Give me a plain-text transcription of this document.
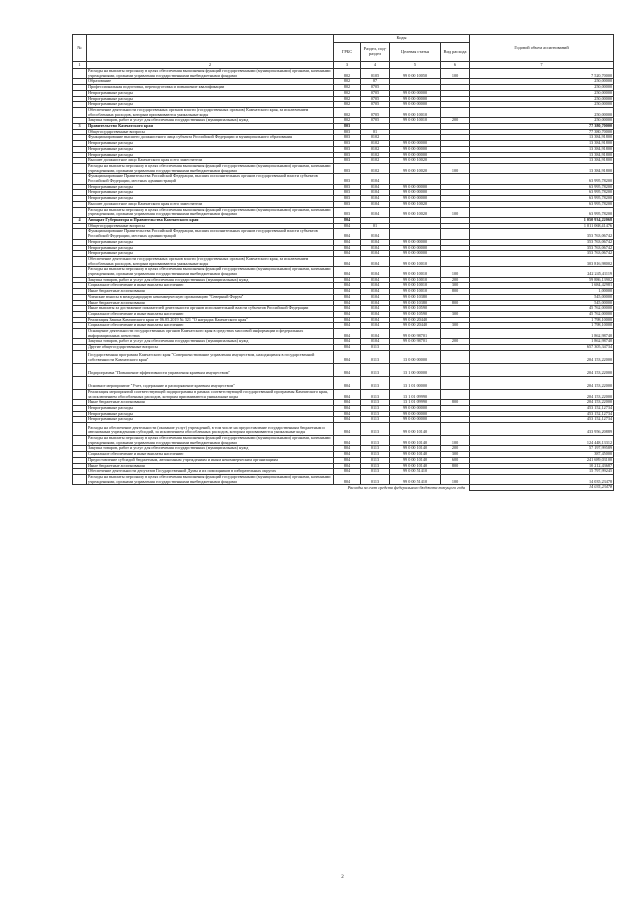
№		Коды				Годовой объем ассигнований
		ГРБС	Раздел, под- раздел	Целевая статья	Вид расхода	
1	2	3	4	5	6	7
	Расходы на выплаты персоналу в целях обеспечения выполнения функций государственными (муниципальными) органами, казенными учреждениями, органами управления государственными внебюджетными фондами	802	0105	99 0 00 10050	100	7 520,70000
	Образование	802	07			250,00000
	Профессиональная подготовка, переподготовка и повышение квалификации	802	0705			250,00000
	Непрограммные расходы	802	0705	99 0 00 00000		250,00000
	Непрограммные расходы	802	0705	99 0 00 00000		250,00000
	Непрограммные расходы	802	0705	99 0 00 00000		250,00000
	Обеспечение деятельности государственных органов власти (государственных органов) Камчатского края, за исключением обособленных расходов, которым присваиваются уникальные коды	802	0705	99 0 00 10010		250,00000
	Закупка товаров, работ и услуг для обеспечения государственных (муниципальных) нужд	802	0705	99 0 00 10010	200	250,00000
3	Правительство Камчатского края	803				77 380,70000
	Общегосударственные вопросы	803	01			77 380,70000
	Функционирование высшего должностного лица субъекта Российской Федерации и муниципального образования	803	0102			13 384,91800
	Непрограммные расходы	803	0102	99 0 00 00000		13 384,91800
	Непрограммные расходы	803	0102	99 0 00 00000		13 384,91800
	Непрограммные расходы	803	0102	99 0 00 00000		13 384,91800
	Высшее должностное лицо Камчатского края и его заместители	803	0102	99 0 00 10020		13 384,91800
	Расходы на выплаты персоналу в целях обеспечения выполнения функций государственными (муниципальными) органами, казенными учреждениями, органами управления государственными внебюджетными фондами	803	0102	99 0 00 10020	100	13 384,91800
	Функционирование Правительства Российской Федерации, высших исполнительных органов государственной власти субъектов Российской Федерации, местных администраций	803	0104			63 995,78200
	Непрограммные расходы	803	0104	99 0 00 00000		63 995,78200
	Непрограммные расходы	803	0104	99 0 00 00000		63 995,78200
	Непрограммные расходы	803	0104	99 0 00 00000		63 995,78200
	Высшее должностное лицо Камчатского края и его заместители	803	0104	99 0 00 10020		63 995,78200
	Расходы на выплаты персоналу в целях обеспечения выполнения функций государственными (муниципальными) органами, казенными учреждениями, органами управления государственными внебюджетными фондами	803	0104	99 0 00 10020	100	63 995,78200
4	Аппарат Губернатора и Правительства Камчатского края	804				1 050 934,22068
	Общегосударственные вопросы	804	01			1 011 068,41476
	Функционирование Правительства Российской Федерации, высших исполнительных органов государственной власти субъектов Российской Федерации, местных администраций	804	0104			353 763,06742
	Непрограммные расходы	804	0104	99 0 00 00000		353 763,06742
	Непрограммные расходы	804	0104	99 0 00 00000		353 763,06742
	Непрограммные расходы	804	0104	99 0 00 00000		353 763,06742
	Обеспечение деятельности государственных органов власти (государственных органов) Камчатского края, за исключением обособленных расходов, которым присваиваются уникальные коды	804	0104	99 0 00 10010		303 816,98002
	Расходы на выплаты персоналу в целях обеспечения выполнения функций государственными (муниципальными) органами, казенными учреждениями, органами управления государственными внебюджетными фондами	804	0104	99 0 00 10010	100	242 245,41119
	Закупка товаров, работ и услуг для обеспечения государственных (муниципальных) нужд	804	0104	99 0 00 10010	200	59 886,13902
	Социальное обеспечение и иные выплаты населению	804	0104	99 0 00 10010	300	1 684,42981
	Иные бюджетные ассигнования	804	0104	99 0 00 10010	800	1,00000
	Членские взносы в международную некоммерческую организацию "Северный Форум"	804	0104	99 0 00 10380		545,00000
	Иные бюджетные ассигнования	804	0104	99 0 00 10380	800	545,00000
	Иные выплаты за достижение показателей деятельности органов исполнительной власти субъектов Российской Федерации	804	0104	99 0 00 10590		45 762,00000
	Социальное обеспечение и иные выплаты населению	804	0104	99 0 00 10590	300	45 762,00000
	Реализация Закона Камчатского края от 06.05.2019 № 321 "О наградах Камчатского края"	804	0104	99 0 00 20440		1 798,10000
	Социальное обеспечение и иные выплаты населению	804	0104	99 0 00 20440	300	1 798,10000
	Оснащение деятельности государственных органов Камчатского края в средствах массовой информации и федеральных информационных агентствах	804	0104	99 0 00 98701		1 862,98740
	Закупка товаров, работ и услуг для обеспечения государственных (муниципальных) нужд	804	0104	99 0 00 98701	200	1 862,98740
	Другие общегосударственные вопросы	804	0113			657 305,34734
	Государственная программа Камчатского края "Совершенствование управления имуществом, находящимся в государственной собственности Камчатского края"	804	0113	13 0 00 00000		204 153,22000
	Подпрограмма "Повышение эффективности управления краевым имуществом"	804	0113	13 1 00 00000		204 153,22000
	Основное мероприятие "Учет, содержание и распоряжение краевым имуществом"	804	0113	13 1 01 00000		204 153,22000
	Реализация мероприятий соответствующей подпрограммы в рамках соответствующей государственной программы Камчатского края, за исключением обособленных расходов, которым присваиваются уникальные коды	804	0113	13 1 01 09990		204 153,22000
	Иные бюджетные ассигнования	804	0113	13 1 01 09990	800	204 153,22000
	Непрограммные расходы	804	0113	99 0 00 00000		453 152,12734
	Непрограммные расходы	804	0113	99 0 00 00000		453 152,12734
	Непрограммные расходы	804	0113	99 0 00 00000		453 152,12734
	Расходы на обеспечение деятельности (оказание услуг) учреждений, в том числе на предоставление государственным бюджетным и автономным учреждениям субсидий, за исключением обособленных расходов, которым присваиваются уникальные коды	804	0113	99 0 00 10140		433 956,20889
	Расходы на выплаты персоналу в целях обеспечения выполнения функций государственными (муниципальными) органами, казенными учреждениями, органами управления государственными внебюджетными фондами	804	0113	99 0 00 10140	100	124 448,13312
	Закупка товаров, работ и услуг для обеспечения государственных (муниципальных) нужд	804	0113	99 0 00 10140	200	57 197,99589
	Социальное обеспечение и иные выплаты населению	804	0113	99 0 00 10140	300	387,45000
	Предоставление субсидий бюджетным, автономным учреждениям и иным некоммерческим организациям	804	0113	99 0 00 10140	600	241 689,03100
	Иные бюджетные ассигнования	804	0113	99 0 00 10140	800	10 212,43687
	Обеспечение деятельности депутатов Государственной Думы и их помощников в избирательных округах	804	0113	99 0 00 51410		15 797,99245
	Расходы на выплаты персоналу в целях обеспечения выполнения функций государственными (муниципальными) органами, казенными учреждениями, органами управления государственными внебюджетными фондами	804	0113	99 0 00 51410	100	14 035,23478
Расходы за счет средств федерального бюджета текущего года						14 035,23478
2
